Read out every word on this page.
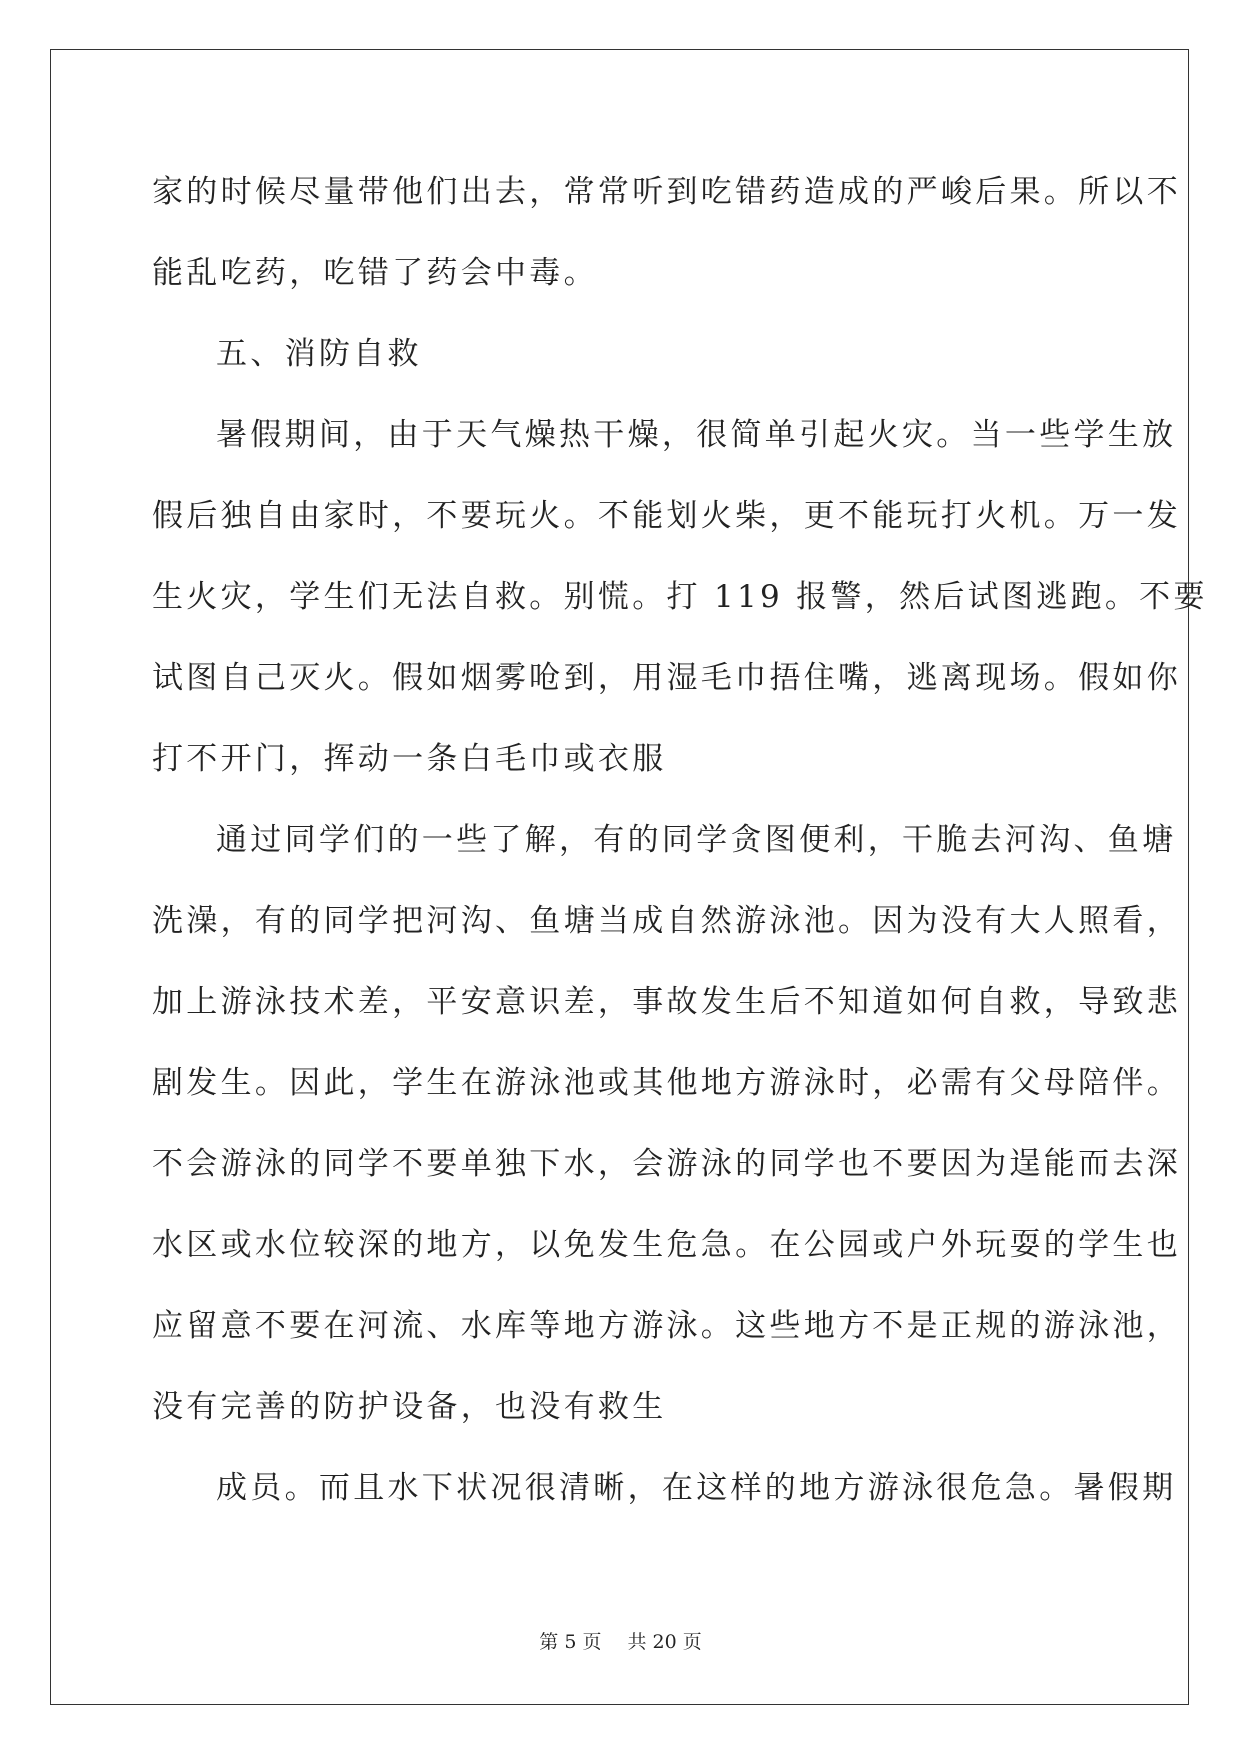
家的时候尽量带他们出去，常常听到吃错药造成的严峻后果。所以不

能乱吃药，吃错了药会中毒。

五、消防自救

暑假期间，由于天气燥热干燥，很简单引起火灾。当一些学生放

假后独自由家时，不要玩火。不能划火柴，更不能玩打火机。万一发

生火灾，学生们无法自救。别慌。打 119 报警，然后试图逃跑。不要

试图自己灭火。假如烟雾呛到，用湿毛巾捂住嘴，逃离现场。假如你

打不开门，挥动一条白毛巾或衣服

通过同学们的一些了解，有的同学贪图便利，干脆去河沟、鱼塘

洗澡，有的同学把河沟、鱼塘当成自然游泳池。因为没有大人照看，

加上游泳技术差，平安意识差，事故发生后不知道如何自救，导致悲

剧发生。因此，学生在游泳池或其他地方游泳时，必需有父母陪伴。

不会游泳的同学不要单独下水，会游泳的同学也不要因为逞能而去深

水区或水位较深的地方，以免发生危急。在公园或户外玩耍的学生也

应留意不要在河流、水库等地方游泳。这些地方不是正规的游泳池，

没有完善的防护设备，也没有救生

成员。而且水下状况很清晰，在这样的地方游泳很危急。暑假期

第 5 页 共 20 页
